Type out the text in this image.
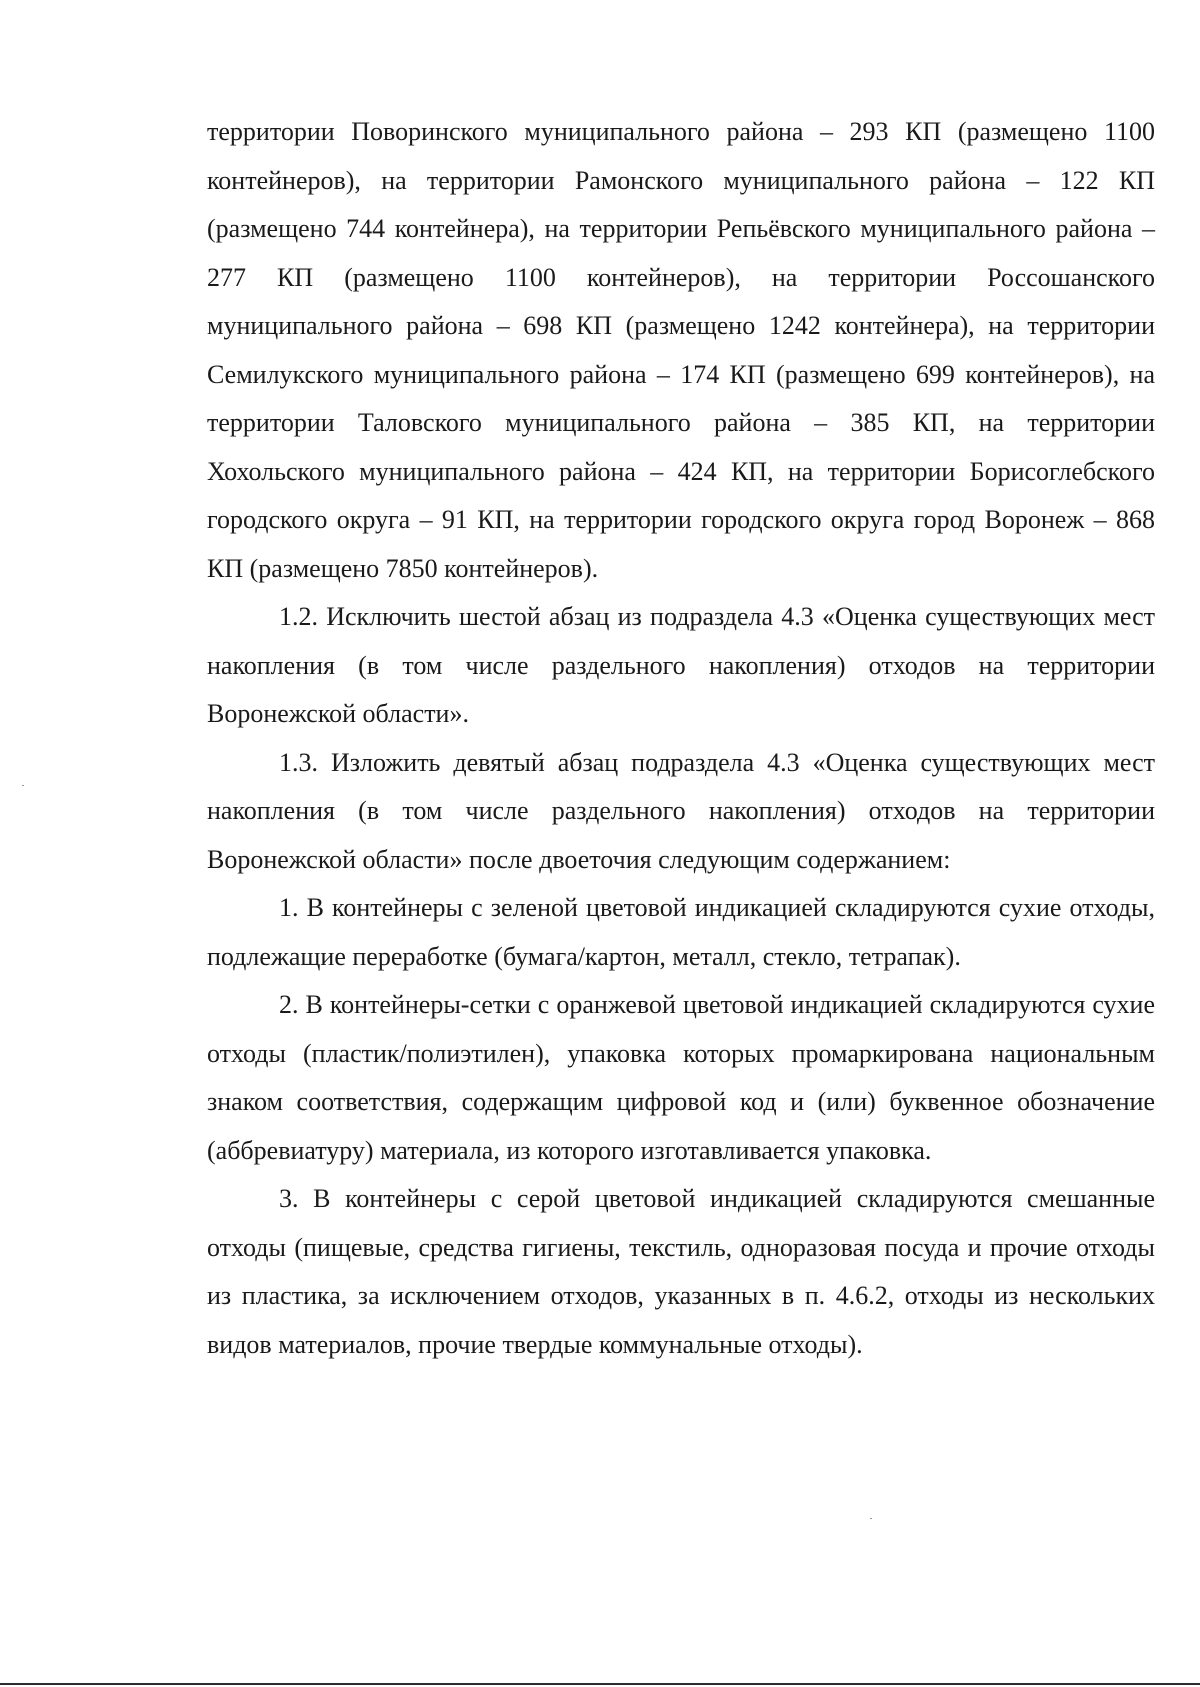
территории Поворинского муниципального района – 293 КП (размещено 1100 контейнеров), на территории Рамонского муниципального района – 122 КП (размещено 744 контейнера), на территории Репьёвского муниципального района – 277 КП (размещено 1100 контейнеров), на территории Россошанского муниципального района – 698 КП (размещено 1242 контейнера), на территории Семилукского муниципального района – 174 КП (размещено 699 контейнеров), на территории Таловского муниципального района – 385 КП, на территории Хохольского муниципального района – 424 КП, на территории Борисоглебского городского округа – 91 КП, на территории городского округа город Воронеж – 868 КП (размещено 7850 контейнеров).

1.2. Исключить шестой абзац из подраздела 4.3 «Оценка существующих мест накопления (в том числе раздельного накопления) отходов на территории Воронежской области».

1.3. Изложить девятый абзац подраздела 4.3 «Оценка существующих мест накопления (в том числе раздельного накопления) отходов на территории Воронежской области» после двоеточия следующим содержанием:

1. В контейнеры с зеленой цветовой индикацией складируются сухие отходы, подлежащие переработке (бумага/картон, металл, стекло, тетрапак).

2. В контейнеры-сетки с оранжевой цветовой индикацией складируются сухие отходы (пластик/полиэтилен), упаковка которых промаркирована национальным знаком соответствия, содержащим цифровой код и (или) буквенное обозначение (аббревиатуру) материала, из которого изготавливается упаковка.

3. В контейнеры с серой цветовой индикацией складируются смешанные отходы (пищевые, средства гигиены, текстиль, одноразовая посуда и прочие отходы из пластика, за исключением отходов, указанных в п. 4.6.2, отходы из нескольких видов материалов, прочие твердые коммунальные отходы).
